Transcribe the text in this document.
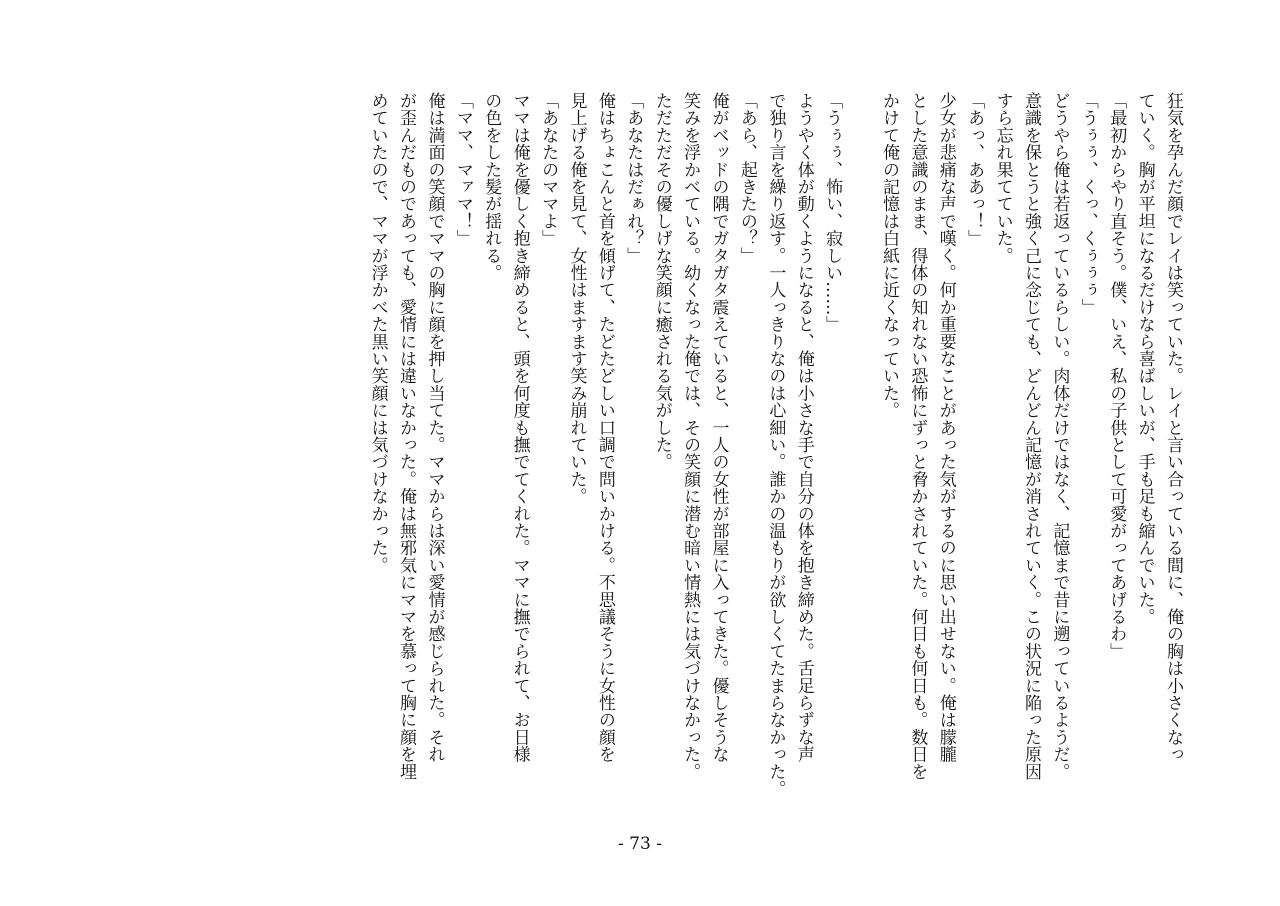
狂気を孕んだ顔でレイは笑っていた。レイと言い合っている間に、俺の胸は小さくなっ

ていく。胸が平坦になるだけなら喜ばしいが、手も足も縮んでいた。

「最初からやり直そう。僕、いえ、私の子供として可愛がってあげるわ」

「うぅぅ、くっ、くぅぅぅ」

どうやら俺は若返っているらしい。肉体だけではなく、記憶まで昔に遡っているようだ。

意識を保とうと強く己に念じても、どんどん記憶が消されていく。この状況に陥った原因

すら忘れ果てていた。

「あっ、ああっ！」

少女が悲痛な声で嘆く。何か重要なことがあった気がするのに思い出せない。俺は朦朧

とした意識のまま、得体の知れない恐怖にずっと脅かされていた。何日も何日も。数日を

かけて俺の記憶は白紙に近くなっていた。

「うぅぅ、怖い、寂しい……」

ようやく体が動くようになると、俺は小さな手で自分の体を抱き締めた。舌足らずな声

で独り言を繰り返す。一人っきりなのは心細い。誰かの温もりが欲しくてたまらなかった。

「あら、起きたの？」

俺がベッドの隅でガタガタ震えていると、一人の女性が部屋に入ってきた。優しそうな

笑みを浮かべている。幼くなった俺では、その笑顔に潜む暗い情熱には気づけなかった。

ただただその優しげな笑顔に癒される気がした。

「あなたはだぁれ？」

俺はちょこんと首を傾げて、たどたどしい口調で問いかける。不思議そうに女性の顔を

見上げる俺を見て、女性はますます笑み崩れていた。

「あなたのママよ」

ママは俺を優しく抱き締めると、頭を何度も撫でてくれた。ママに撫でられて、お日様

の色をした髪が揺れる。

「ママ、マァマ！」

俺は満面の笑顔でママの胸に顔を押し当てた。ママからは深い愛情が感じられた。それ

が歪んだものであっても、愛情には違いなかった。俺は無邪気にママを慕って胸に顔を埋

めていたので、ママが浮かべた黒い笑顔には気づけなかった。

- 73 -
